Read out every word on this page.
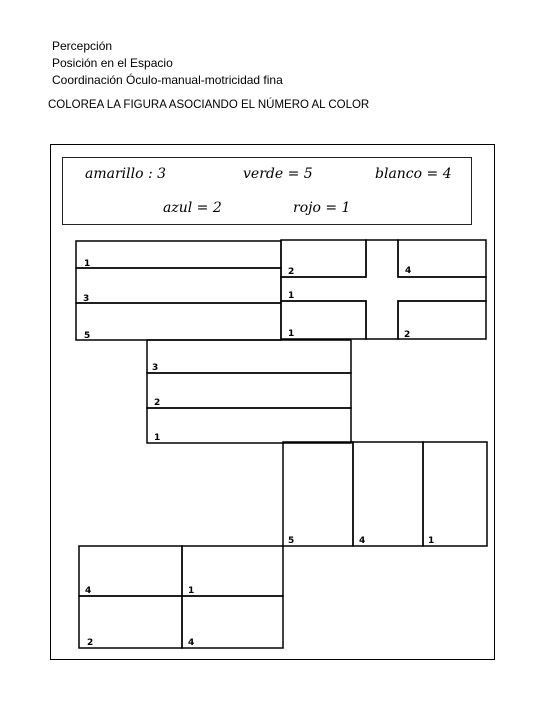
Percepción
Posición en el Espacio
Coordinación Óculo-manual-motricidad fina
COLOREA LA FIGURA ASOCIANDO EL NÚMERO AL COLOR
amarillo : 3	verde = 5	blanco = 4
azul = 2	rojo = 1
1
3
5
2	4
1
1	2
3
2
1
5	4	1
4	1
2	4
